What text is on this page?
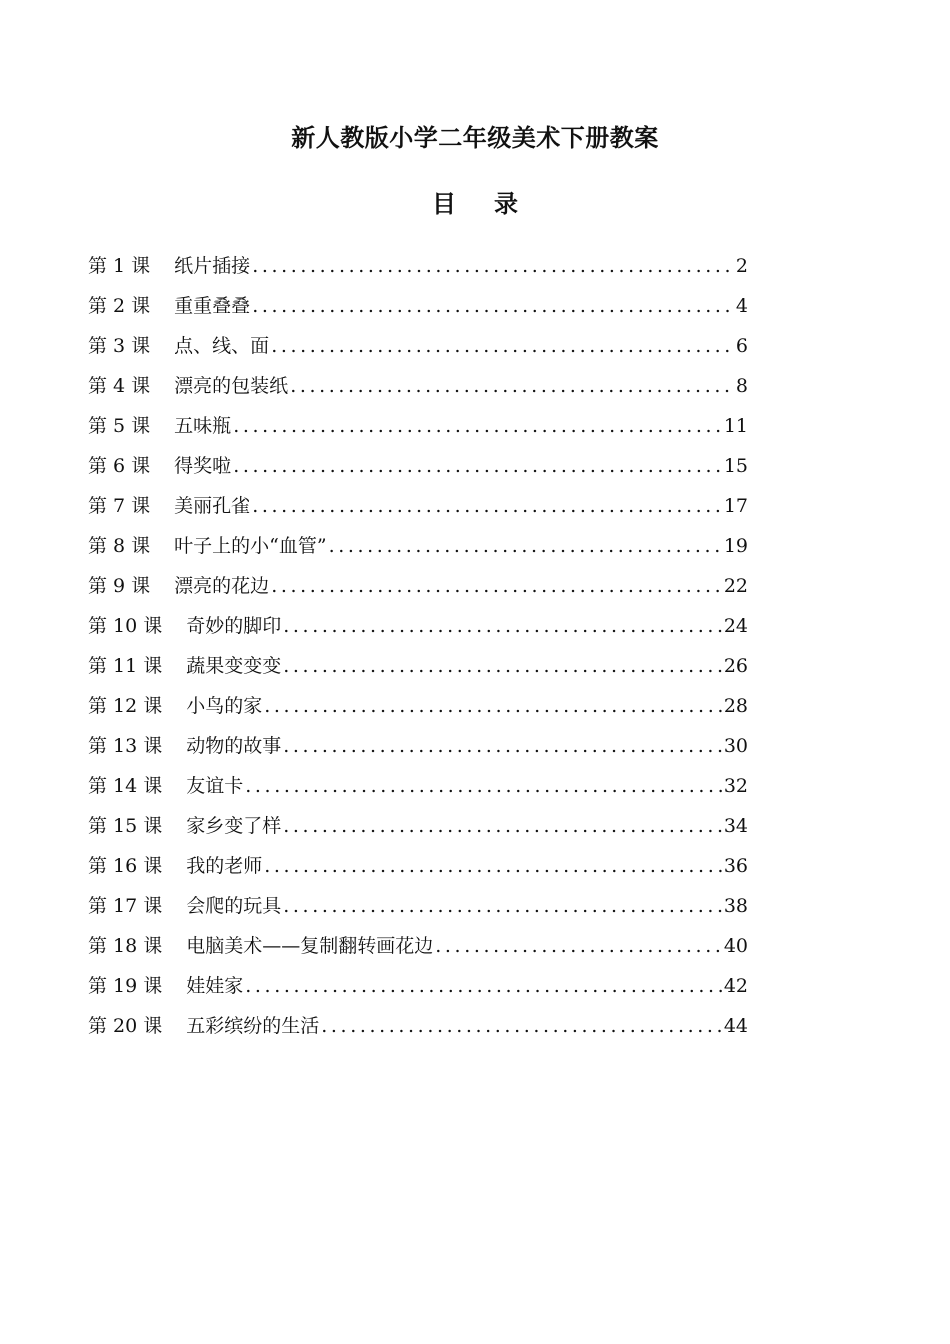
新人教版小学二年级美术下册教案
目 录
第 1 课 纸片插接 .....	2
第 2 课 重重叠叠 .....	4
第 3 课 点、线、面 .....	6
第 4 课 漂亮的包装纸 .....	8
第 5 课 五味瓶 .....	11
第 6 课 得奖啦 .....	15
第 7 课 美丽孔雀 .....	17
第 8 课 叶子上的小“血管” .....	19
第 9 课 漂亮的花边 .....	22
第 10 课 奇妙的脚印 .....	24
第 11 课 蔬果变变变 .....	26
第 12 课 小鸟的家 .....	28
第 13 课 动物的故事 .....	30
第 14 课 友谊卡 .....	32
第 15 课 家乡变了样 .....	34
第 16 课 我的老师 .....	36
第 17 课 会爬的玩具 .....	38
第 18 课 电脑美术——复制翻转画花边 .....	40
第 19 课 娃娃家 .....	42
第 20 课 五彩缤纷的生活 .....	44
